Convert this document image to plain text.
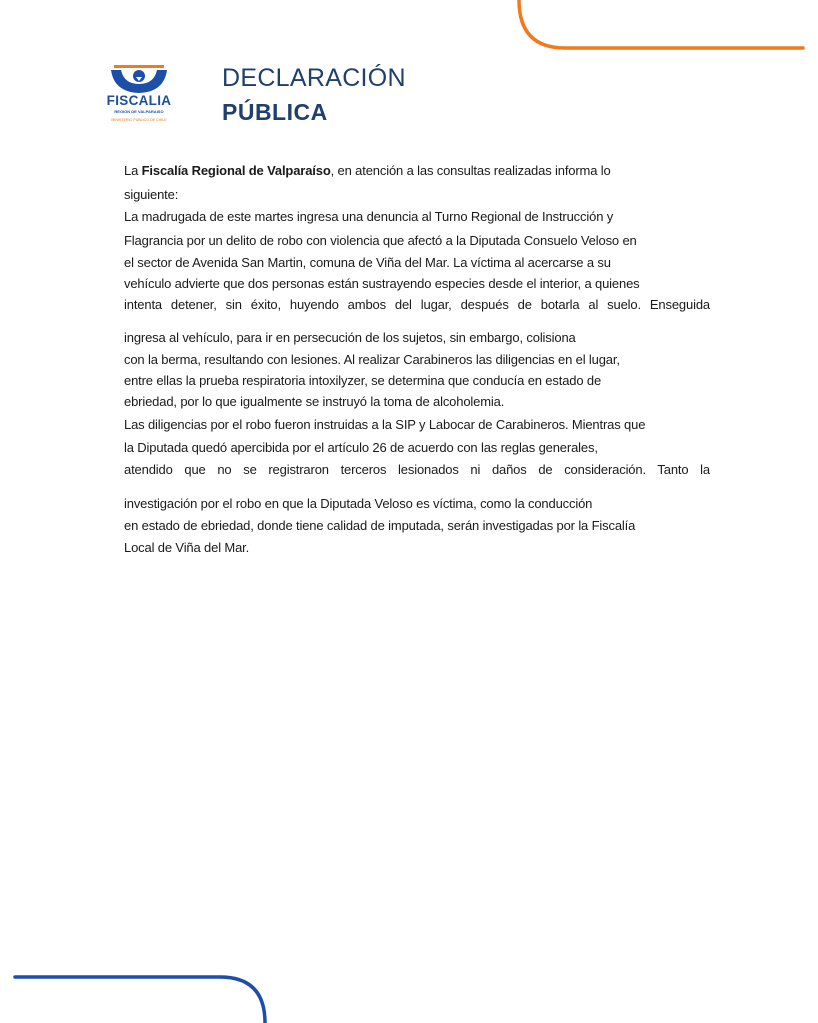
FISCALIA
REGION DE VALPARAISO
MINISTERIO PUBLICO DE CHILE
DECLARACIÓN
PÚBLICA
La Fiscalía Regional de Valparaíso, en atención a las consultas realizadas informa lo
siguiente:
La madrugada de este martes ingresa una denuncia al Turno Regional de Instrucción y
Flagrancia por un delito de robo con violencia que afectó a la Diputada Consuelo Veloso en
el sector de Avenida San Martin, comuna de Viña del Mar. La víctima al acercarse a su
vehículo advierte que dos personas están sustrayendo especies desde el interior, a quienes
intenta detener, sin éxito, huyendo ambos del lugar, después de botarla al suelo. Enseguida
ingresa al vehículo, para ir en persecución de los sujetos, sin embargo, colisiona
con la berma, resultando con lesiones. Al realizar Carabineros las diligencias en el lugar,
entre ellas la prueba respiratoria intoxilyzer, se determina que conducía en estado de
ebriedad, por lo que igualmente se instruyó la toma de alcoholemia.
Las diligencias por el robo fueron instruidas a la SIP y Labocar de Carabineros. Mientras que
la Diputada quedó apercibida por el artículo 26 de acuerdo con las reglas generales,
atendido que no se registraron terceros lesionados ni daños de consideración. Tanto la
investigación por el robo en que la Diputada Veloso es víctima, como la conducción
en estado de ebriedad, donde tiene calidad de imputada, serán investigadas por la Fiscalía
Local de Viña del Mar.
